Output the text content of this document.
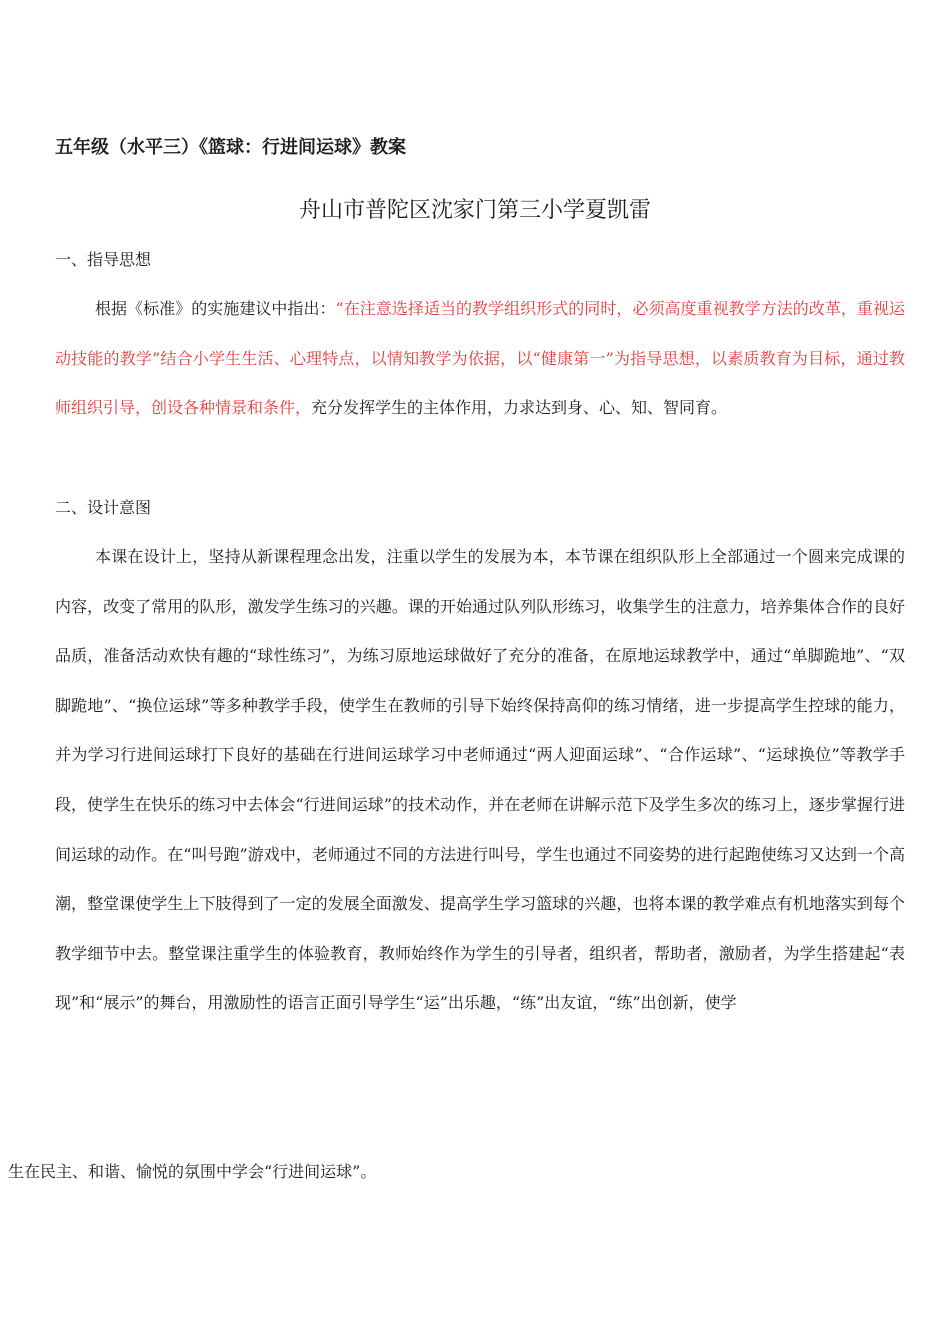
五年级（水平三）《篮球：行进间运球》教案
舟山市普陀区沈家门第三小学夏凯雷
一、指导思想

根据《标准》的实施建议中指出：“在注意选择适当的教学组织形式的同时，必须高度重视教学方法的改革，重视运动技能的教学”结合小学生生活、心理特点，以情知教学为依据，以“健康第一”为指导思想，以素质教育为目标，通过教师组织引导，创设各种情景和条件，充分发挥学生的主体作用，力求达到身、心、知、智同育。

二、设计意图

本课在设计上，坚持从新课程理念出发，注重以学生的发展为本，本节课在组织队形上全部通过一个圆来完成课的内容，改变了常用的队形，激发学生练习的兴趣。课的开始通过队列队形练习，收集学生的注意力，培养集体合作的良好品质，准备活动欢快有趣的“球性练习”，为练习原地运球做好了充分的准备，在原地运球教学中，通过“单脚跪地”、“双脚跪地”、“换位运球”等多种教学手段，使学生在教师的引导下始终保持高仰的练习情绪，进一步提高学生控球的能力，并为学习行进间运球打下良好的基础在行进间运球学习中老师通过“两人迎面运球”、“合作运球”、“运球换位”等教学手段，使学生在快乐的练习中去体会“行进间运球”的技术动作，并在老师在讲解示范下及学生多次的练习上，逐步掌握行进间运球的动作。在“叫号跑”游戏中，老师通过不同的方法进行叫号，学生也通过不同姿势的进行起跑使练习又达到一个高潮，整堂课使学生上下肢得到了一定的发展全面激发、提高学生学习篮球的兴趣，也将本课的教学难点有机地落实到每个教学细节中去。整堂课注重学生的体验教育，教师始终作为学生的引导者，组织者，帮助者，激励者，为学生搭建起“表现”和“展示”的舞台，用激励性的语言正面引导学生“运”出乐趣，“练”出友谊，“练”出创新，使学

生在民主、和谐、愉悦的氛围中学会“行进间运球”。
